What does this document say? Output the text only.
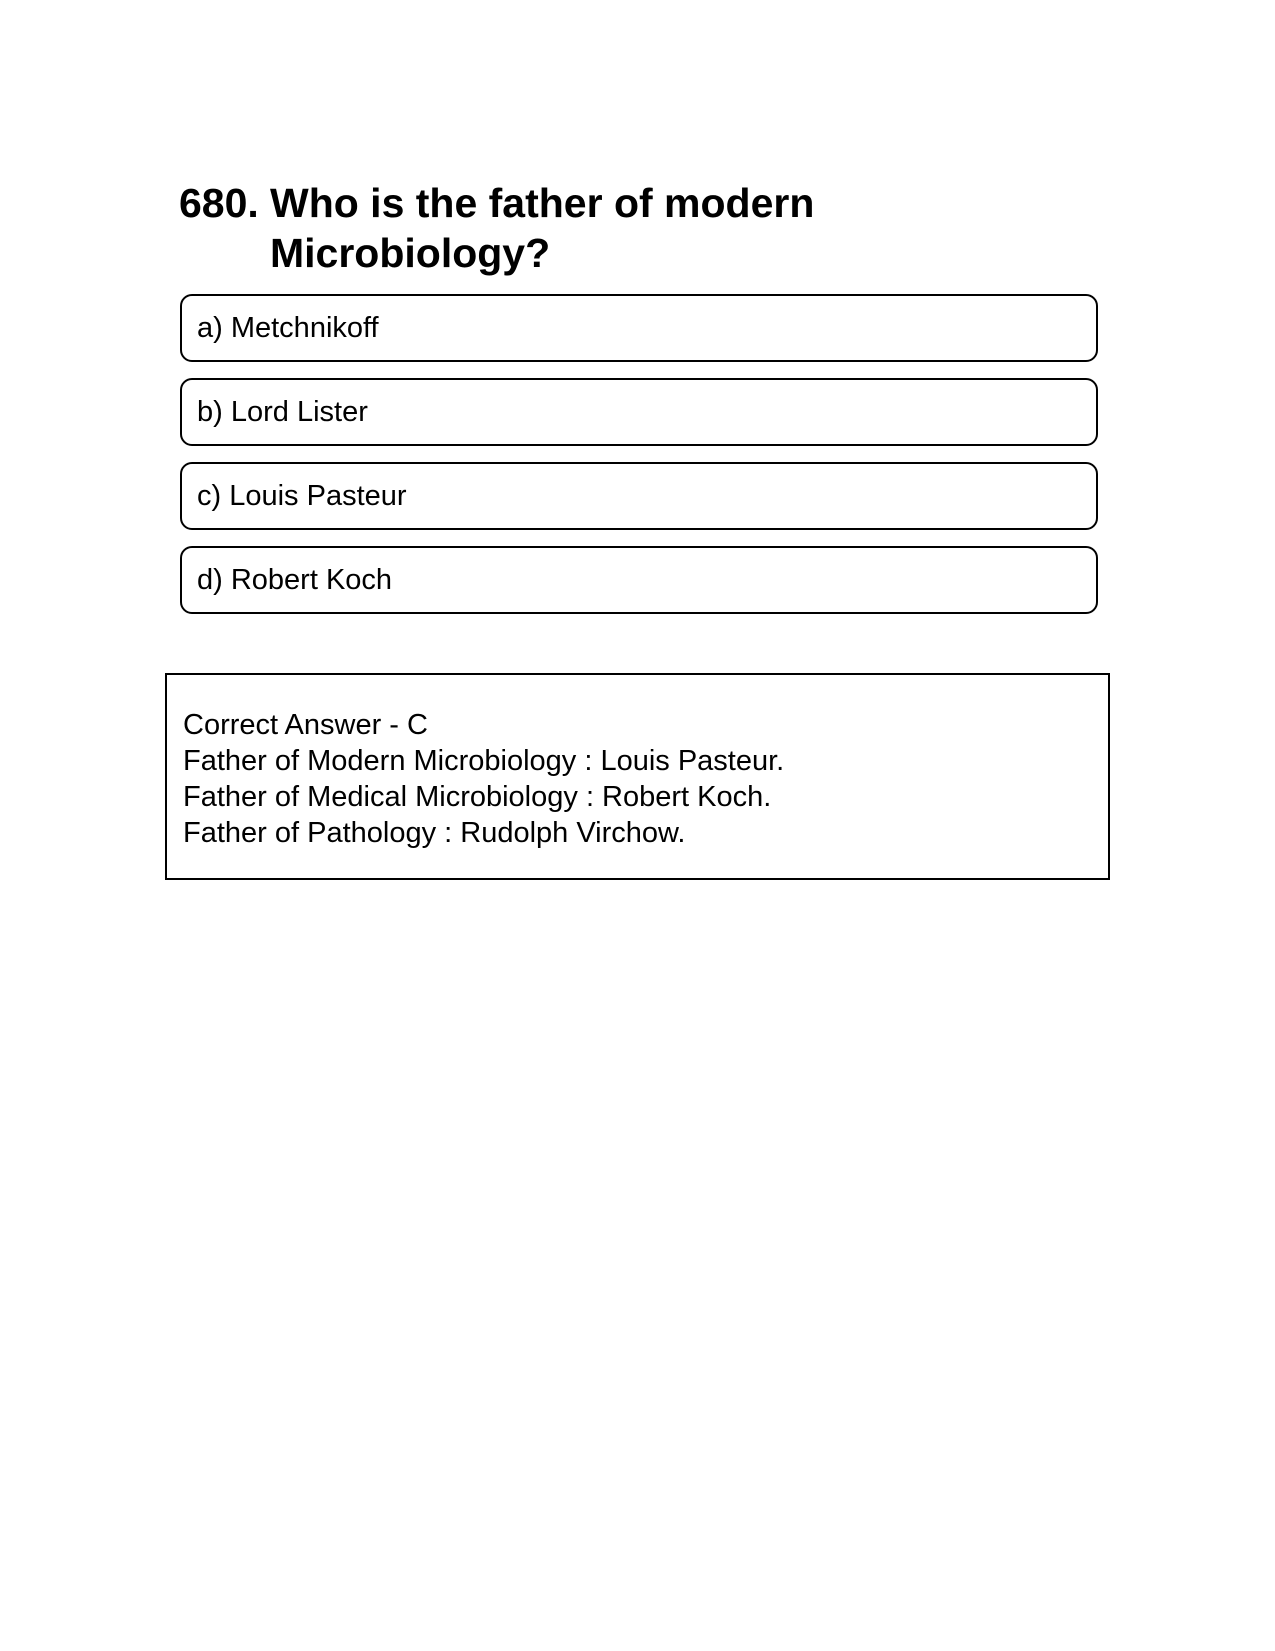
680. Who is the father of modern Microbiology?
a) Metchnikoff
b) Lord Lister
c) Louis Pasteur
d) Robert Koch
Correct Answer - C
Father of Modern Microbiology : Louis Pasteur.
Father of Medical Microbiology : Robert Koch.
Father of Pathology : Rudolph Virchow.
